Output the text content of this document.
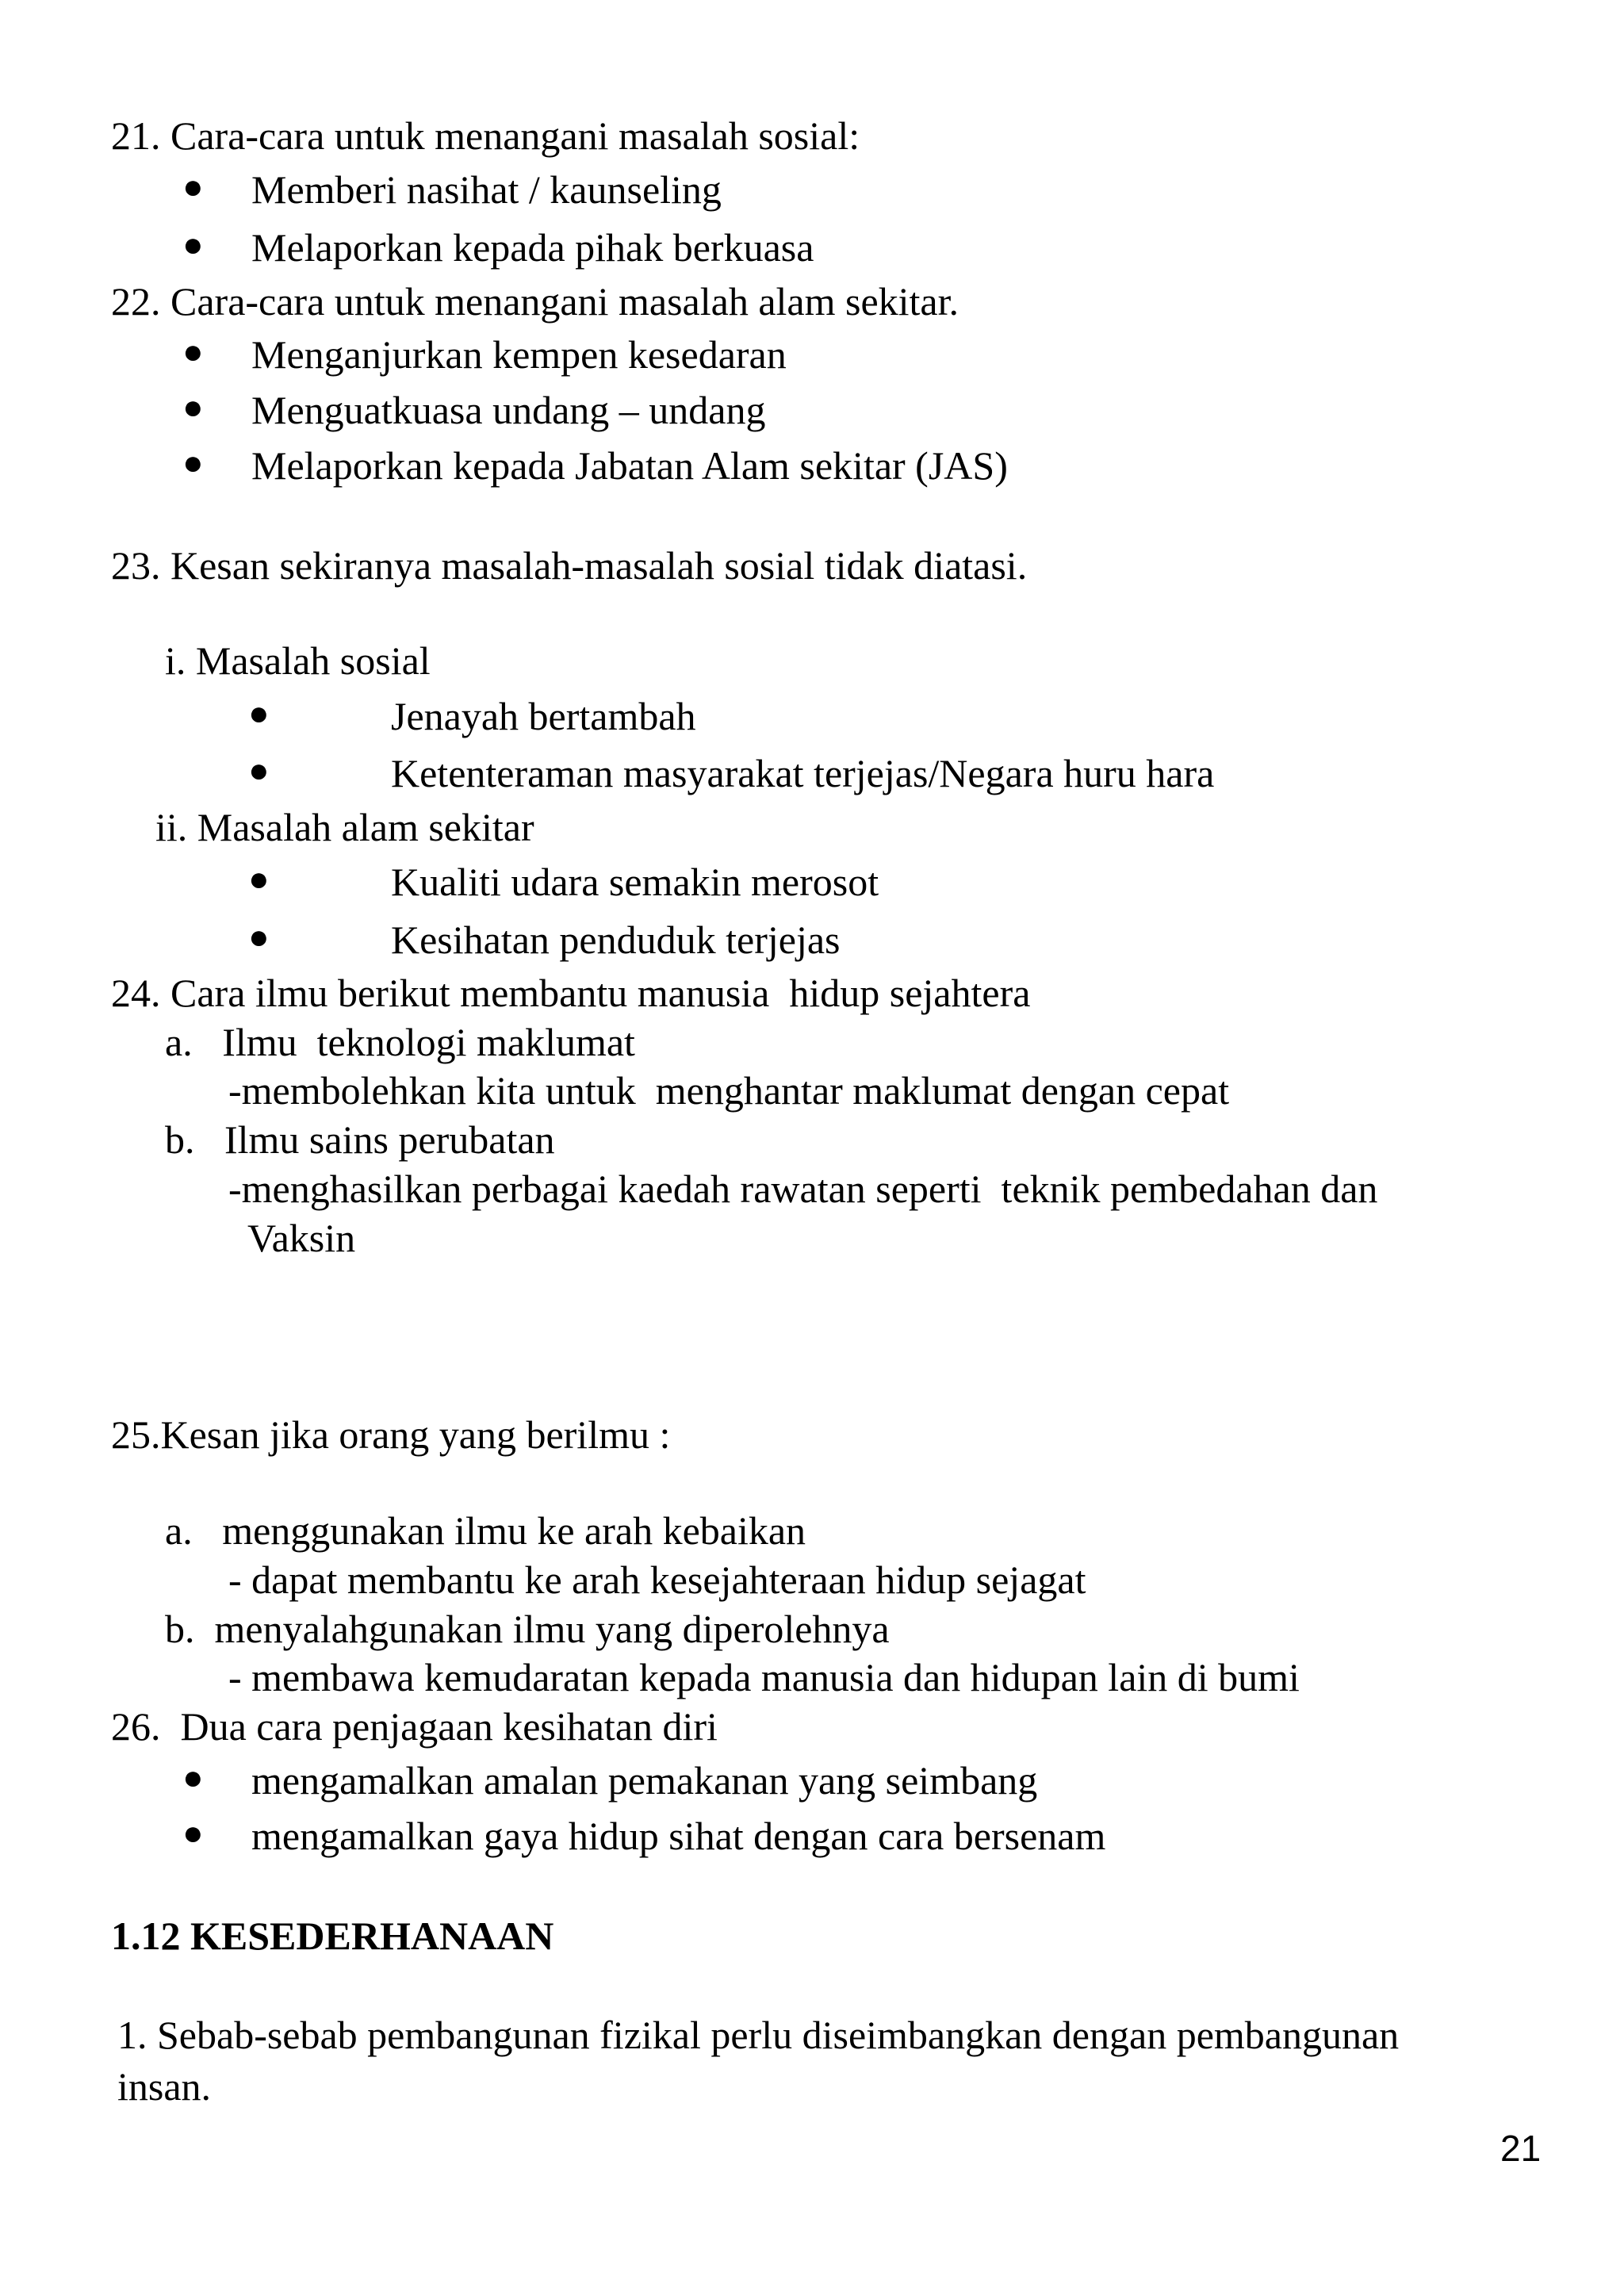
21. Cara-cara untuk menangani masalah sosial:
● Memberi nasihat / kaunseling
● Melaporkan kepada pihak berkuasa
22. Cara-cara untuk menangani masalah alam sekitar.
● Menganjurkan kempen kesedaran
● Menguatkuasa undang – undang
● Melaporkan kepada Jabatan Alam sekitar (JAS)
23. Kesan sekiranya masalah-masalah sosial tidak diatasi.
i. Masalah sosial
●	Jenayah bertambah
●	Ketenteraman masyarakat terjejas/Negara huru hara
ii. Masalah alam sekitar
●	Kualiti udara semakin merosot
●	Kesihatan penduduk terjejas
24. Cara ilmu berikut membantu manusia  hidup sejahtera
a.   Ilmu  teknologi maklumat
-membolehkan kita untuk  menghantar maklumat dengan cepat
b.   Ilmu sains perubatan
-menghasilkan perbagai kaedah rawatan seperti  teknik pembedahan dan
Vaksin
25.Kesan jika orang yang berilmu :
a.   menggunakan ilmu ke arah kebaikan
- dapat membantu ke arah kesejahteraan hidup sejagat
b.  menyalahgunakan ilmu yang diperolehnya
- membawa kemudaratan kepada manusia dan hidupan lain di bumi
26.  Dua cara penjagaan kesihatan diri
● mengamalkan amalan pemakanan yang seimbang
● mengamalkan gaya hidup sihat dengan cara bersenam
1.12 KESEDERHANAAN
1. Sebab-sebab pembangunan fizikal perlu diseimbangkan dengan pembangunan
insan.
21
